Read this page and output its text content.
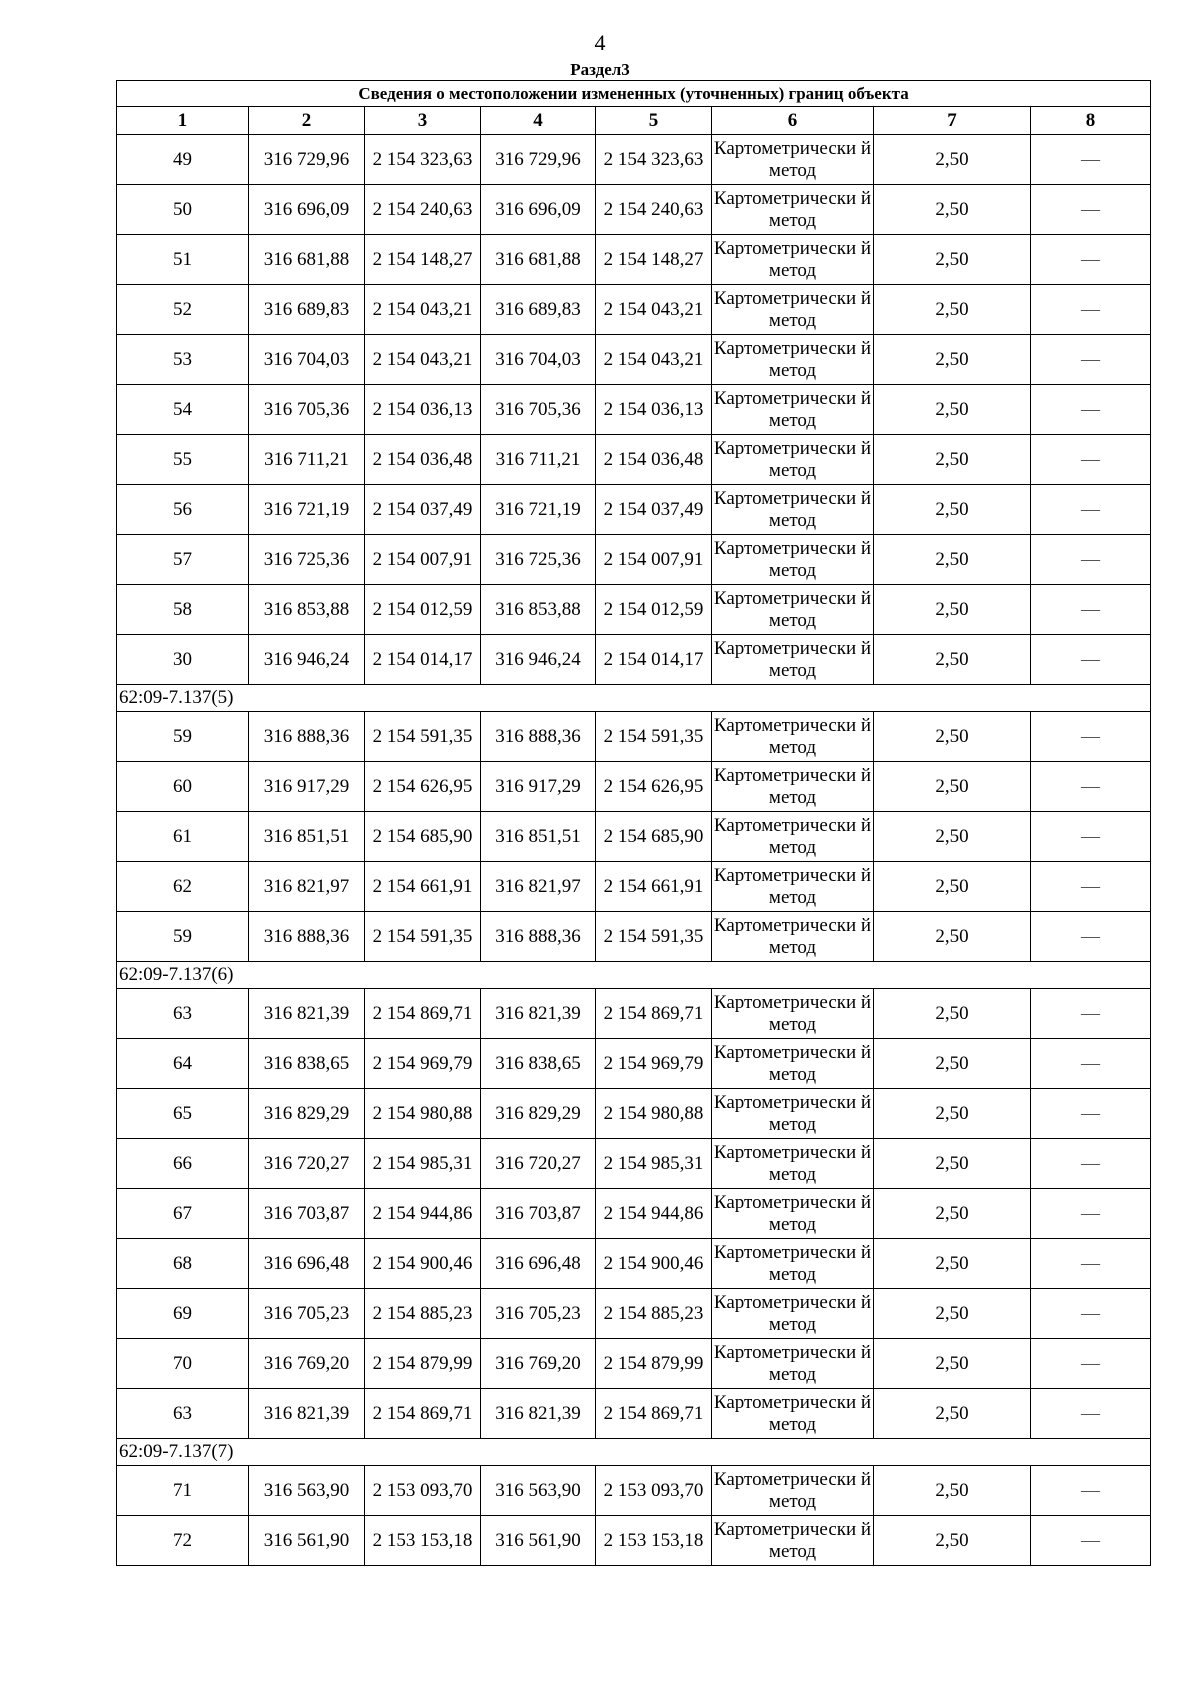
4
Раздел3
Сведения о местоположении измененных (уточненных) границ объекта							
1	2	3	4	5	6	7	8
49	316 729,96	2 154 323,63	316 729,96	2 154 323,63	Картометрически й метод	2,50	—
50	316 696,09	2 154 240,63	316 696,09	2 154 240,63	Картометрически й метод	2,50	—
51	316 681,88	2 154 148,27	316 681,88	2 154 148,27	Картометрически й метод	2,50	—
52	316 689,83	2 154 043,21	316 689,83	2 154 043,21	Картометрически й метод	2,50	—
53	316 704,03	2 154 043,21	316 704,03	2 154 043,21	Картометрически й метод	2,50	—
54	316 705,36	2 154 036,13	316 705,36	2 154 036,13	Картометрически й метод	2,50	—
55	316 711,21	2 154 036,48	316 711,21	2 154 036,48	Картометрически й метод	2,50	—
56	316 721,19	2 154 037,49	316 721,19	2 154 037,49	Картометрически й метод	2,50	—
57	316 725,36	2 154 007,91	316 725,36	2 154 007,91	Картометрически й метод	2,50	—
58	316 853,88	2 154 012,59	316 853,88	2 154 012,59	Картометрически й метод	2,50	—
30	316 946,24	2 154 014,17	316 946,24	2 154 014,17	Картометрически й метод	2,50	—
62:09-7.137(5)							
59	316 888,36	2 154 591,35	316 888,36	2 154 591,35	Картометрически й метод	2,50	—
60	316 917,29	2 154 626,95	316 917,29	2 154 626,95	Картометрически й метод	2,50	—
61	316 851,51	2 154 685,90	316 851,51	2 154 685,90	Картометрически й метод	2,50	—
62	316 821,97	2 154 661,91	316 821,97	2 154 661,91	Картометрически й метод	2,50	—
59	316 888,36	2 154 591,35	316 888,36	2 154 591,35	Картометрически й метод	2,50	—
62:09-7.137(6)							
63	316 821,39	2 154 869,71	316 821,39	2 154 869,71	Картометрически й метод	2,50	—
64	316 838,65	2 154 969,79	316 838,65	2 154 969,79	Картометрически й метод	2,50	—
65	316 829,29	2 154 980,88	316 829,29	2 154 980,88	Картометрически й метод	2,50	—
66	316 720,27	2 154 985,31	316 720,27	2 154 985,31	Картометрически й метод	2,50	—
67	316 703,87	2 154 944,86	316 703,87	2 154 944,86	Картометрически й метод	2,50	—
68	316 696,48	2 154 900,46	316 696,48	2 154 900,46	Картометрически й метод	2,50	—
69	316 705,23	2 154 885,23	316 705,23	2 154 885,23	Картометрически й метод	2,50	—
70	316 769,20	2 154 879,99	316 769,20	2 154 879,99	Картометрически й метод	2,50	—
63	316 821,39	2 154 869,71	316 821,39	2 154 869,71	Картометрически й метод	2,50	—
62:09-7.137(7)							
71	316 563,90	2 153 093,70	316 563,90	2 153 093,70	Картометрически й метод	2,50	—
72	316 561,90	2 153 153,18	316 561,90	2 153 153,18	Картометрически й метод	2,50	—
